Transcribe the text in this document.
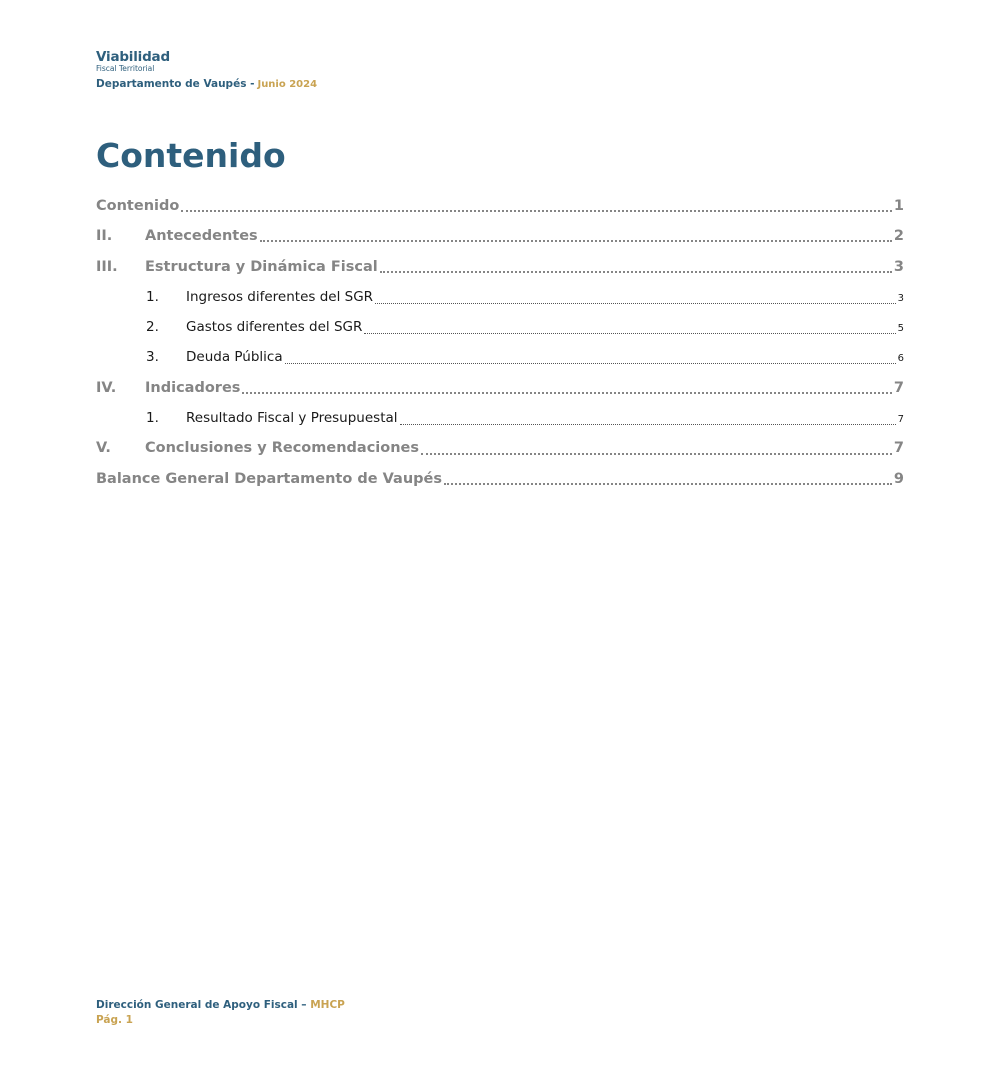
Viabilidad
Fiscal Territorial
Departamento de Vaupés - Junio 2024
Contenido
Contenido	1
II.	Antecedentes	2
III.	Estructura y Dinámica Fiscal	3
1.	Ingresos diferentes del SGR	3
2.	Gastos diferentes del SGR	5
3.	Deuda Pública	6
IV.	Indicadores	7
1.	Resultado Fiscal y Presupuestal	7
V.	Conclusiones y Recomendaciones	7
Balance General Departamento de Vaupés	9
Dirección General de Apoyo Fiscal – MHCP
Pág. 1
